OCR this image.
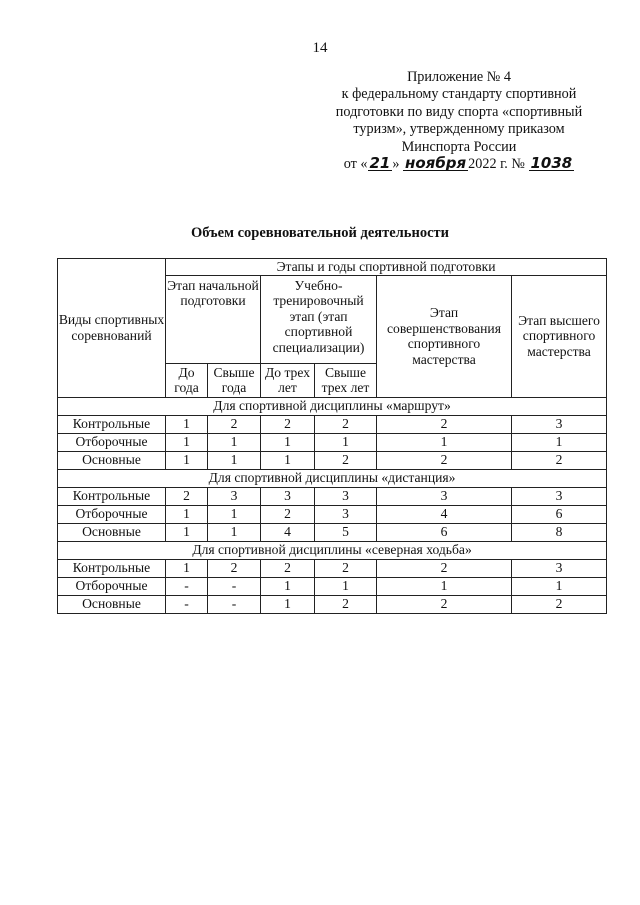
14
Приложение № 4
к федеральному стандарту спортивной
подготовки по виду спорта «спортивный
туризм», утвержденному приказом
Минспорта России
от « 21 » ноября 2022 г. № 1038
Объем соревновательной деятельности
Виды спортивных соревнований	Этапы и годы спортивной подготовки					
	Этап начальной подготовки		Учебно-тренировочный этап (этап спортивной специализации)		Этап совершенствования спортивного мастерства	Этап высшего спортивного мастерства
	До года	Свыше года	До трех лет	Свыше трех лет		
Для спортивной дисциплины «маршрут»						
Контрольные	1	2	2	2	2	3
Отборочные	1	1	1	1	1	1
Основные	1	1	1	2	2	2
Для спортивной дисциплины «дистанция»						
Контрольные	2	3	3	3	3	3
Отборочные	1	1	2	3	4	6
Основные	1	1	4	5	6	8
Для спортивной дисциплины «северная ходьба»						
Контрольные	1	2	2	2	2	3
Отборочные	-	-	1	1	1	1
Основные	-	-	1	2	2	2
